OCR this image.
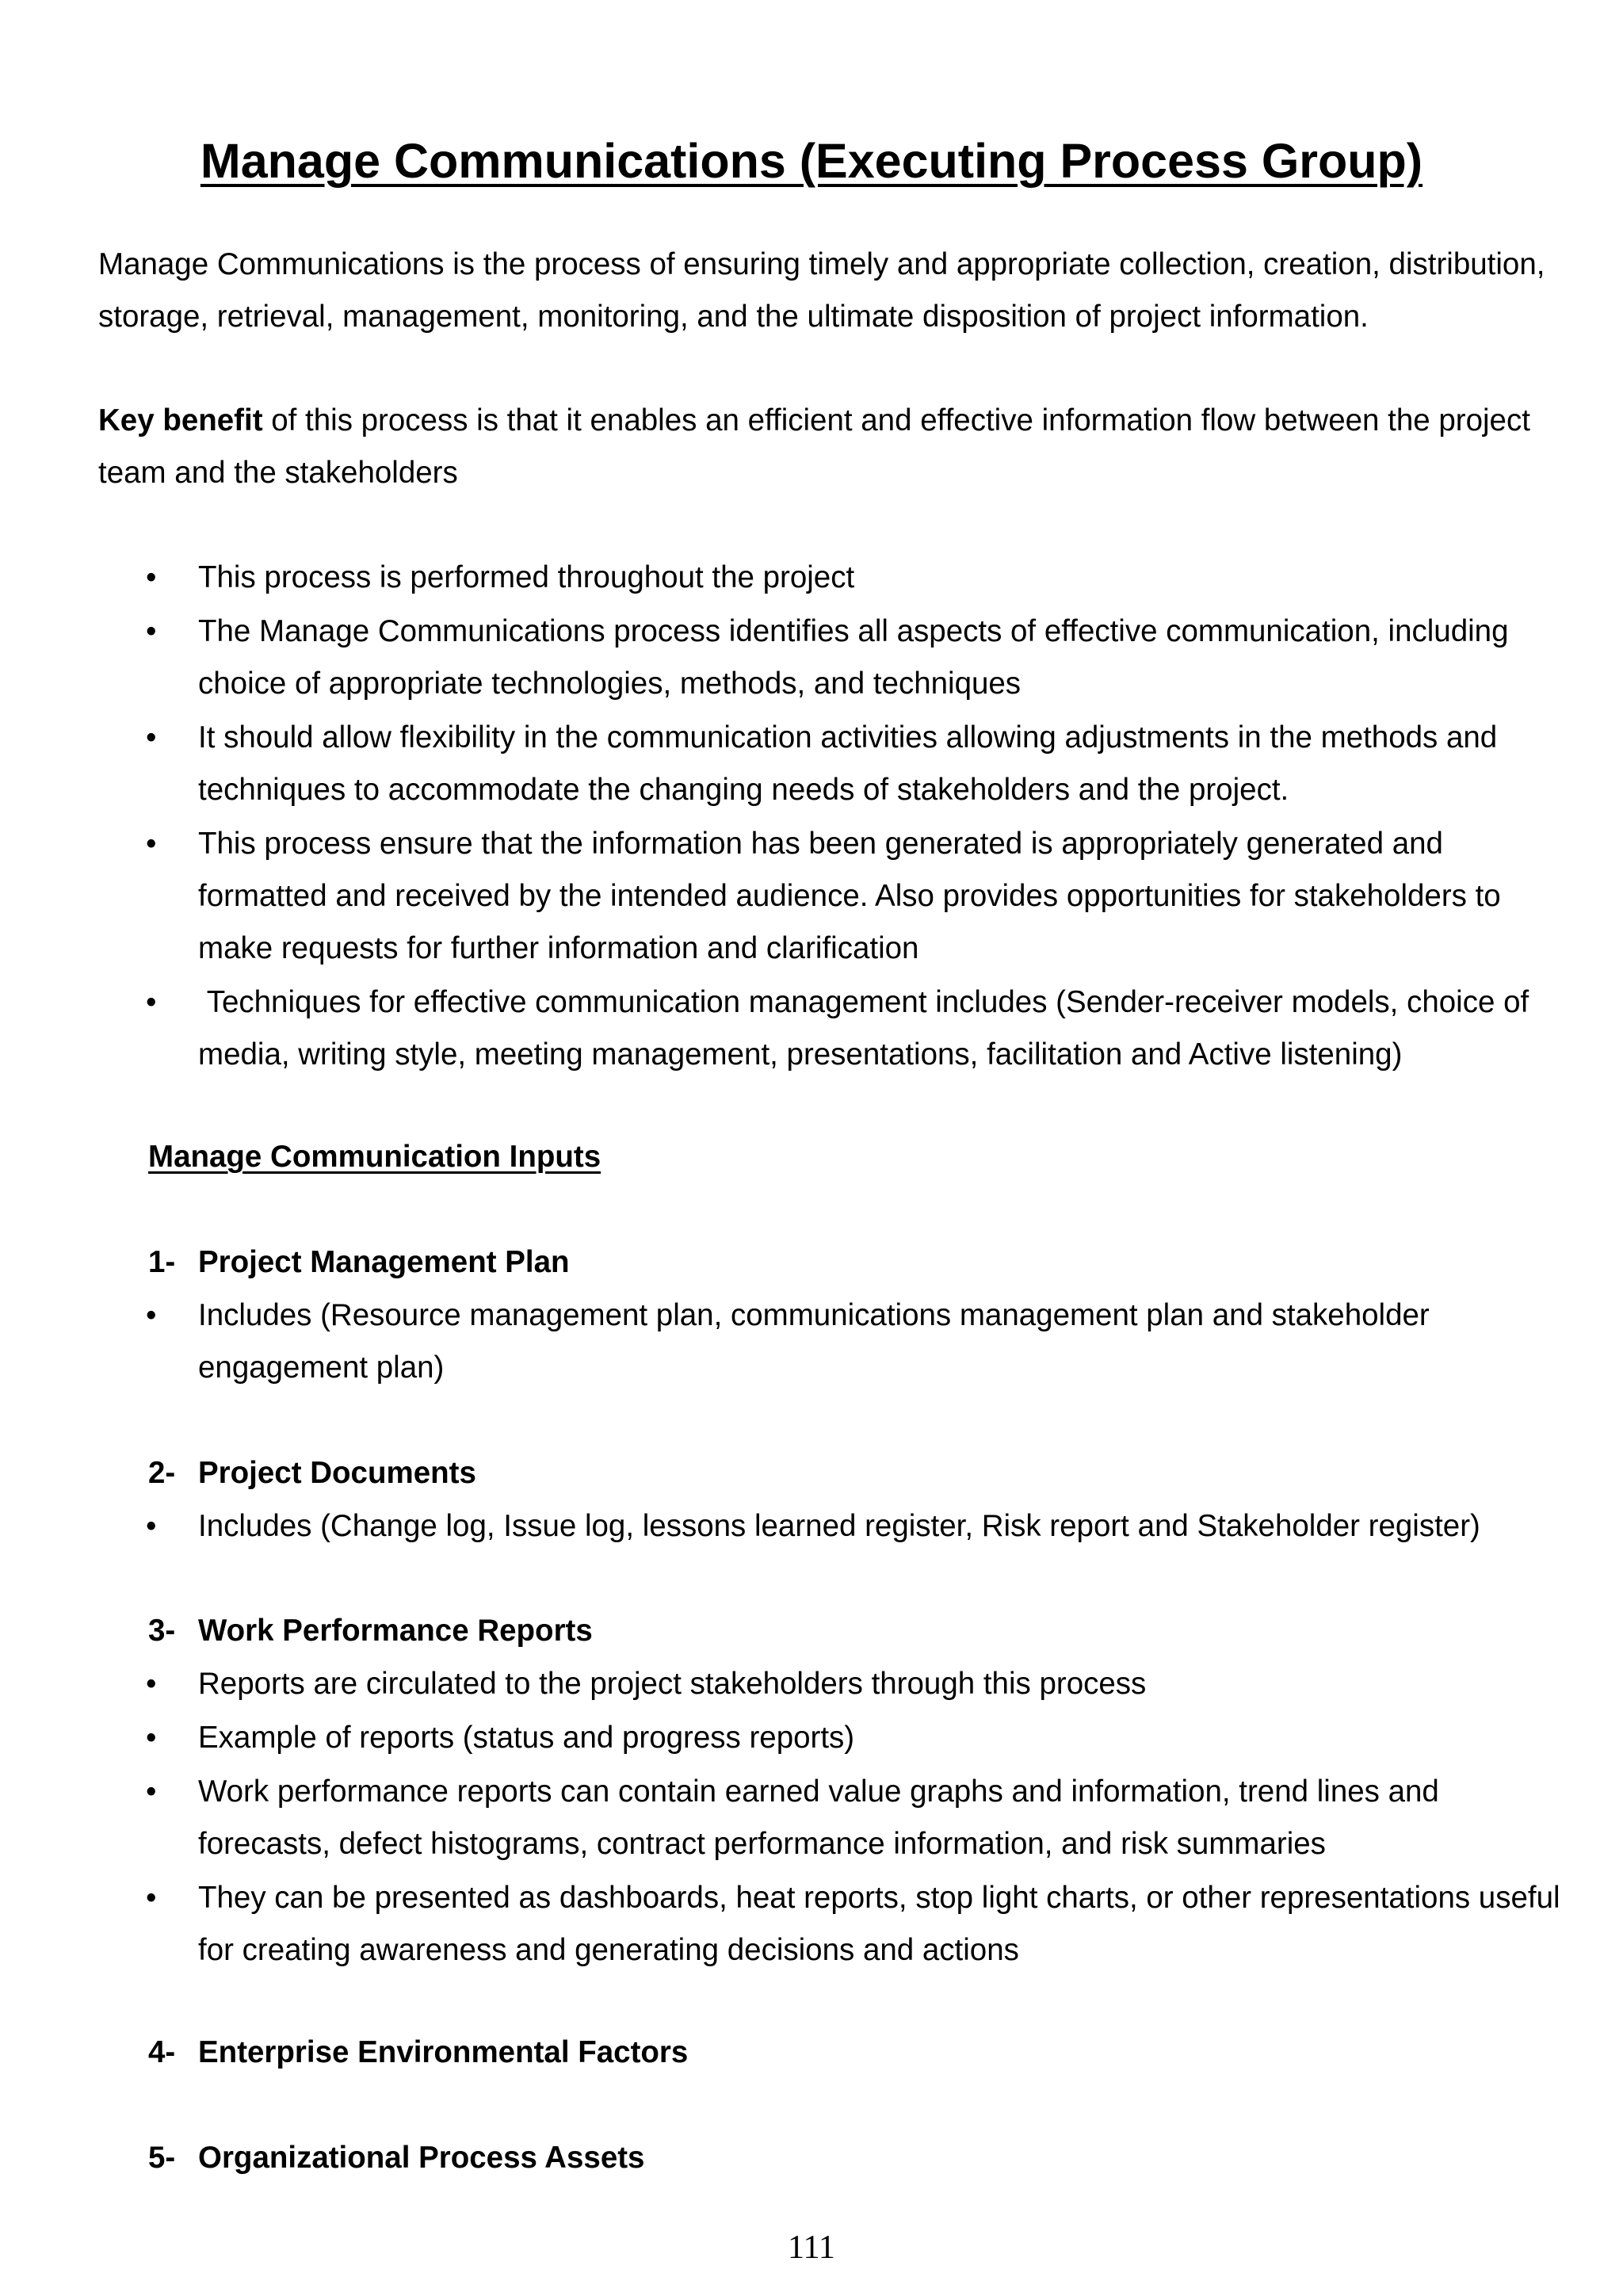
Manage Communications (Executing Process Group)

Manage Communications is the process of ensuring timely and appropriate collection, creation, distribution, storage, retrieval, management, monitoring, and the ultimate disposition of project information.

Key benefit of this process is that it enables an efficient and effective information flow between the project team and the stakeholders

• This process is performed throughout the project
• The Manage Communications process identifies all aspects of effective communication, including choice of appropriate technologies, methods, and techniques
• It should allow flexibility in the communication activities allowing adjustments in the methods and techniques to accommodate the changing needs of stakeholders and the project.
• This process ensure that the information has been generated is appropriately generated and formatted and received by the intended audience. Also provides opportunities for stakeholders to make requests for further information and clarification
• Techniques for effective communication management includes (Sender-receiver models, choice of media, writing style, meeting management, presentations, facilitation and Active listening)
Manage Communication Inputs
1- Project Management Plan
• Includes (Resource management plan, communications management plan and stakeholder engagement plan)
2- Project Documents
• Includes (Change log, Issue log, lessons learned register, Risk report and Stakeholder register)
3- Work Performance Reports
• Reports are circulated to the project stakeholders through this process
• Example of reports (status and progress reports)
• Work performance reports can contain earned value graphs and information, trend lines and forecasts, defect histograms, contract performance information, and risk summaries
• They can be presented as dashboards, heat reports, stop light charts, or other representations useful for creating awareness and generating decisions and actions
4- Enterprise Environmental Factors
5- Organizational Process Assets
111
